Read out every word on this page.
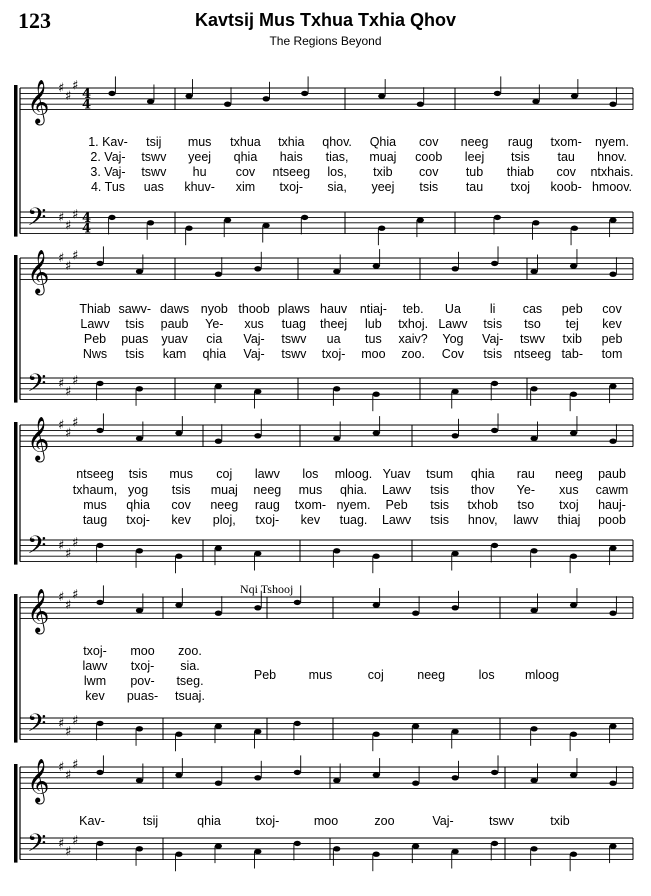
123	Kavtsij Mus Txhua Txhia Qhov
The Regions Beyond
𝄞
𝄢
♯
♯
♯
♯
♯
♯
4
4
4
4
𝄞
𝄢
♯
♯
♯
♯
♯
♯
𝄞
𝄢
♯
♯
♯
♯
♯
♯
𝄞
𝄢
♯
♯
♯
♯
♯
♯
𝄞
𝄢
♯
♯
♯
♯
♯
♯
Nqi Tshooj
1. Kav- tsij mus txhua txhia qhov. Qhia cov neeg raug txom- nyem.
2. Vaj- tswv yeej qhia hais tias, muaj coob leej tsis tau hnov.
3. Vaj- tswv hu cov ntseeg los, txib cov tub thiab cov ntxhais.
4. Tus uas khuv- xim txoj- sia, yeej tsis tau txoj koob- hmoov.
Thiab sawv- daws nyob thoob plaws hauv ntiaj- teb. Ua li cas peb cov
Lawv tsis paub Ye- xus tuag theej lub txhoj. Lawv tsis tso tej kev
Peb puas yuav cia Vaj- tswv ua tus xaiv? Yog Vaj- tswv txib peb
Nws tsis kam qhia Vaj- tswv txoj- moo zoo. Cov tsis ntseeg tab- tom
ntseeg tsis mus coj lawv los mloog. Yuav tsum qhia rau neeg paub
txhaum, yog tsis muaj neeg mus qhia. Lawv tsis thov Ye- xus cawm
mus qhia cov neeg raug txom- nyem. Peb tsis txhob tso txoj hauj-
taug txoj- kev ploj, txoj- kev tuag. Lawv tsis hnov, lawv thiaj poob
txoj- moo zoo.
lawv txoj- sia.
lwm pov- tseg.
kev puas- tsuaj.
Peb	mus	coj	neeg	los mloog
Kav-	tsij	qhia	txoj-	moo	zoo	Vaj-	tswv	txib
